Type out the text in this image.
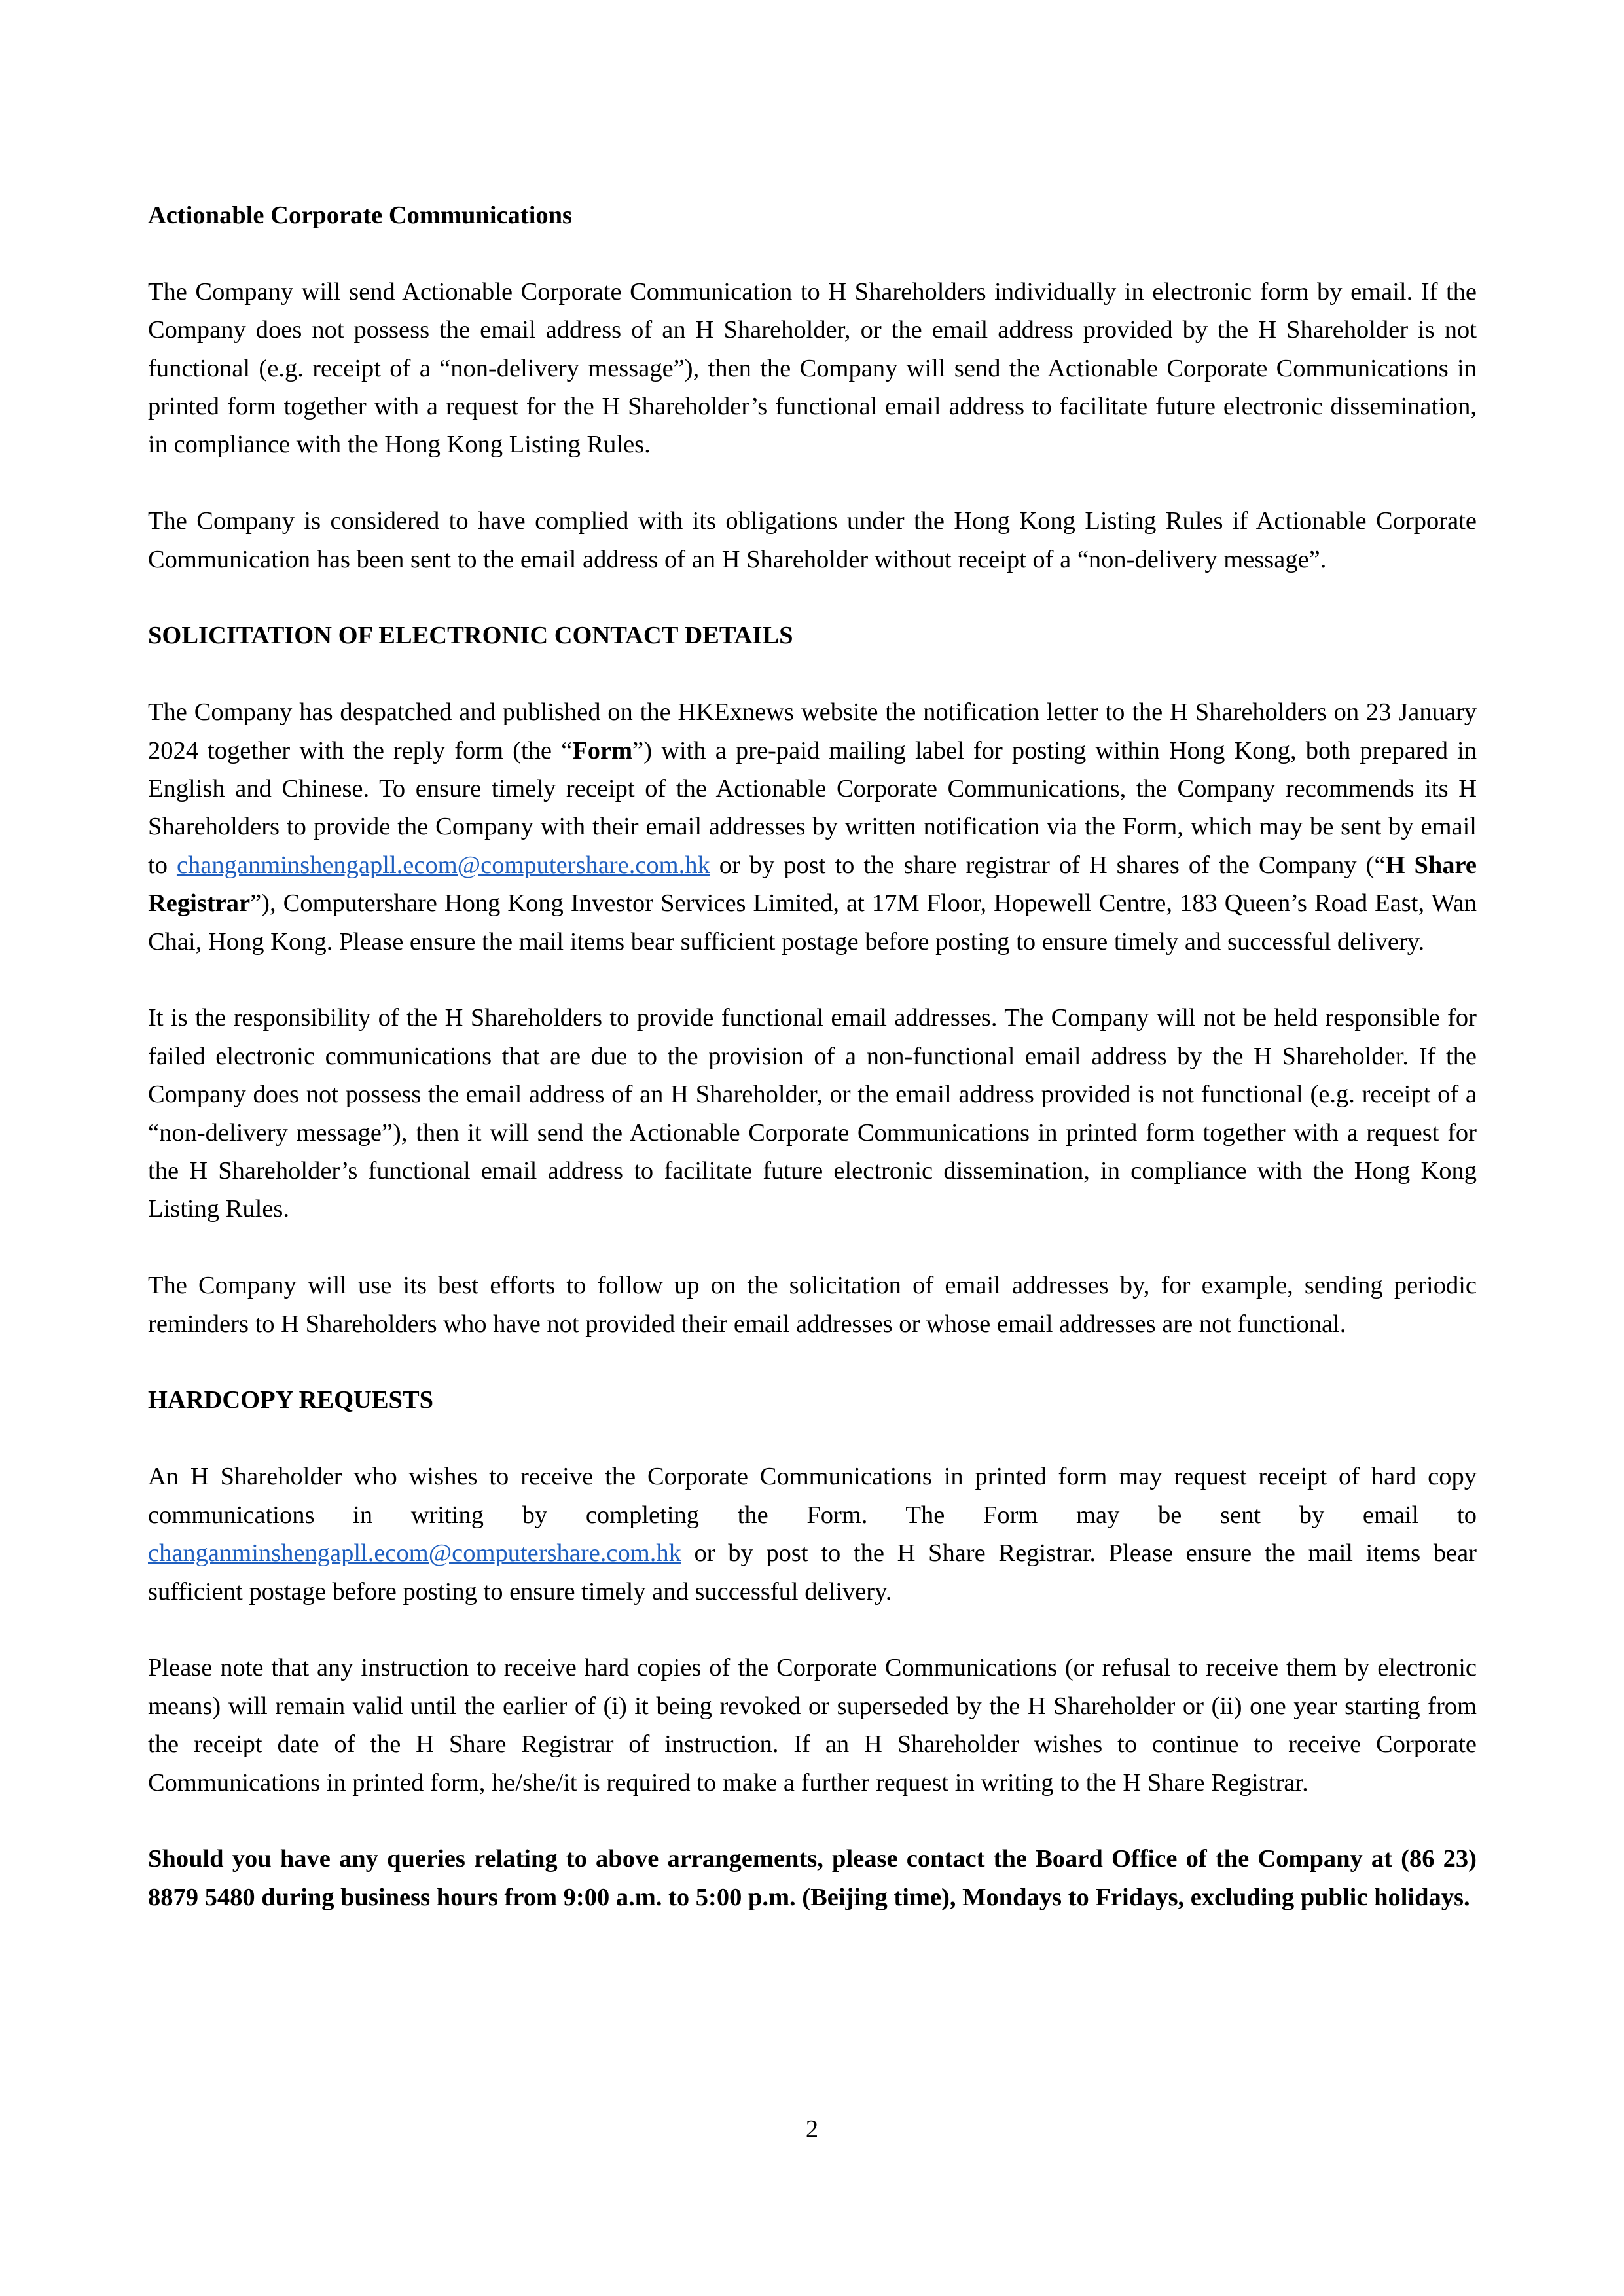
Actionable Corporate Communications

The Company will send Actionable Corporate Communication to H Shareholders individually in electronic form by email. If the Company does not possess the email address of an H Shareholder, or the email address provided by the H Shareholder is not functional (e.g. receipt of a “non-delivery message”), then the Company will send the Actionable Corporate Communications in printed form together with a request for the H Shareholder’s functional email address to facilitate future electronic dissemination, in compliance with the Hong Kong Listing Rules.

The Company is considered to have complied with its obligations under the Hong Kong Listing Rules if Actionable Corporate Communication has been sent to the email address of an H Shareholder without receipt of a “non-delivery message”.

SOLICITATION OF ELECTRONIC CONTACT DETAILS

The Company has despatched and published on the HKExnews website the notification letter to the H Shareholders on 23 January 2024 together with the reply form (the “Form”) with a pre-paid mailing label for posting within Hong Kong, both prepared in English and Chinese. To ensure timely receipt of the Actionable Corporate Communications, the Company recommends its H Shareholders to provide the Company with their email addresses by written notification via the Form, which may be sent by email to changanminshengapll.ecom@computershare.com.hk or by post to the share registrar of H shares of the Company (“H Share Registrar”), Computershare Hong Kong Investor Services Limited, at 17M Floor, Hopewell Centre, 183 Queen’s Road East, Wan Chai, Hong Kong. Please ensure the mail items bear sufficient postage before posting to ensure timely and successful delivery.

It is the responsibility of the H Shareholders to provide functional email addresses. The Company will not be held responsible for failed electronic communications that are due to the provision of a non-functional email address by the H Shareholder. If the Company does not possess the email address of an H Shareholder, or the email address provided is not functional (e.g. receipt of a “non-delivery message”), then it will send the Actionable Corporate Communications in printed form together with a request for the H Shareholder’s functional email address to facilitate future electronic dissemination, in compliance with the Hong Kong Listing Rules.

The Company will use its best efforts to follow up on the solicitation of email addresses by, for example, sending periodic reminders to H Shareholders who have not provided their email addresses or whose email addresses are not functional.

HARDCOPY REQUESTS

An H Shareholder who wishes to receive the Corporate Communications in printed form may request receipt of hard copy communications in writing by completing the Form. The Form may be sent by email to changanminshengapll.ecom@computershare.com.hk or by post to the H Share Registrar. Please ensure the mail items bear sufficient postage before posting to ensure timely and successful delivery.

Please note that any instruction to receive hard copies of the Corporate Communications (or refusal to receive them by electronic means) will remain valid until the earlier of (i) it being revoked or superseded by the H Shareholder or (ii) one year starting from the receipt date of the H Share Registrar of instruction. If an H Shareholder wishes to continue to receive Corporate Communications in printed form, he/she/it is required to make a further request in writing to the H Share Registrar.

Should you have any queries relating to above arrangements, please contact the Board Office of the Company at (86 23) 8879 5480 during business hours from 9:00 a.m. to 5:00 p.m. (Beijing time), Mondays to Fridays, excluding public holidays.

2
